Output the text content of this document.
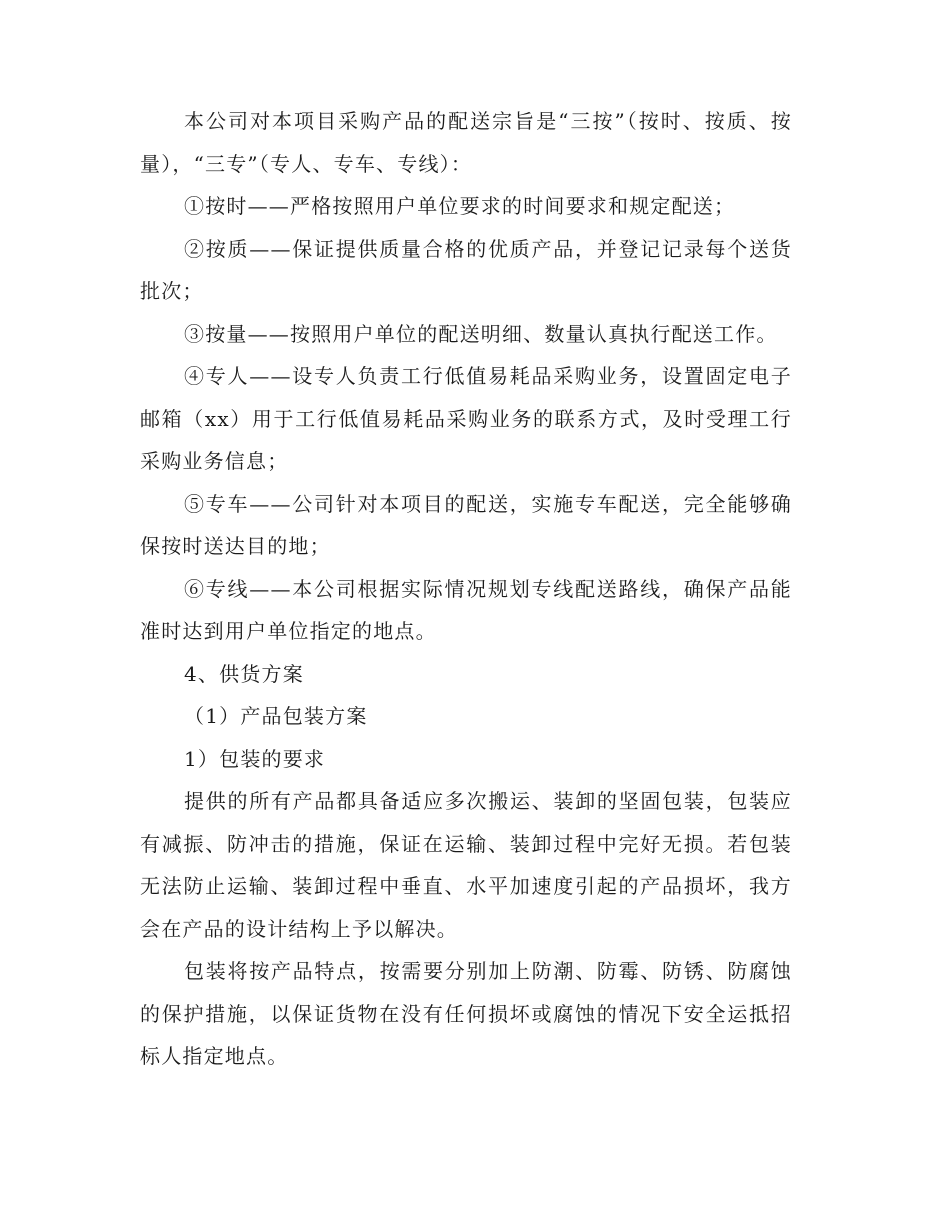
本公司对本项目采购产品的配送宗旨是“三按”（按时、按质、按量），“三专”（专人、专车、专线）：

①按时——严格按照用户单位要求的时间要求和规定配送；

②按质——保证提供质量合格的优质产品，并登记记录每个送货批次；

③按量——按照用户单位的配送明细、数量认真执行配送工作。

④专人——设专人负责工行低值易耗品采购业务，设置固定电子邮箱（xx）用于工行低值易耗品采购业务的联系方式，及时受理工行采购业务信息；

⑤专车——公司针对本项目的配送，实施专车配送，完全能够确保按时送达目的地；

⑥专线——本公司根据实际情况规划专线配送路线，确保产品能准时达到用户单位指定的地点。

4、供货方案

（1）产品包装方案

1）包装的要求

提供的所有产品都具备适应多次搬运、装卸的坚固包装，包装应有减振、防冲击的措施，保证在运输、装卸过程中完好无损。若包装无法防止运输、装卸过程中垂直、水平加速度引起的产品损坏，我方会在产品的设计结构上予以解决。

包装将按产品特点，按需要分别加上防潮、防霉、防锈、防腐蚀的保护措施，以保证货物在没有任何损坏或腐蚀的情况下安全运抵招标人指定地点。
